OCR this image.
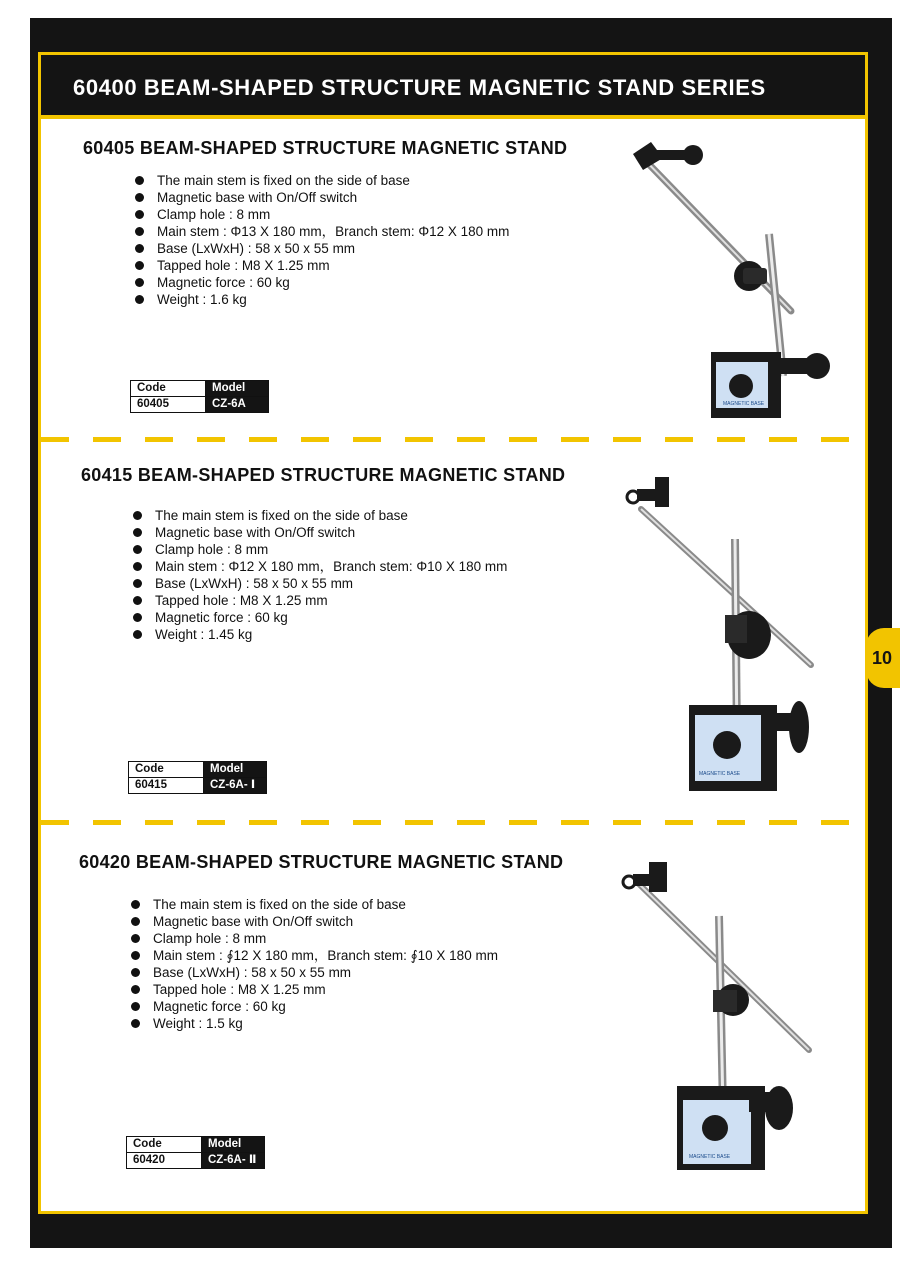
60400 BEAM-SHAPED STRUCTURE MAGNETIC STAND SERIES
10
60405 BEAM-SHAPED STRUCTURE MAGNETIC STAND
The main stem is fixed on the side of base
Magnetic base with On/Off switch
Clamp hole : 8 mm
Main stem : Φ13 X 180 mm，Branch stem: Φ12 X 180 mm
Base (LxWxH) : 58 x 50 x 55 mm
Tapped hole : M8 X 1.25 mm
Magnetic force : 60 kg
Weight : 1.6 kg
Code	Model
60405	CZ-6A	MAGNETIC BASE
60415 BEAM-SHAPED STRUCTURE MAGNETIC STAND
The main stem is fixed on the side of base
Magnetic base with On/Off switch
Clamp hole : 8 mm
Main stem : Φ12 X 180 mm，Branch stem: Φ10 X 180 mm
Base (LxWxH) : 58 x 50 x 55 mm
Tapped hole : M8 X 1.25 mm
Magnetic force : 60 kg
Weight : 1.45 kg
Code	Model
60415	CZ-6A- Ⅰ
MAGNETIC BASE
60420 BEAM-SHAPED STRUCTURE MAGNETIC STAND
The main stem is fixed on the side of base
Magnetic base with On/Off switch
Clamp hole : 8 mm
Main stem : ∮12 X 180 mm，Branch stem: ∮10 X 180 mm
Base (LxWxH) : 58 x 50 x 55 mm
Tapped hole : M8 X 1.25 mm
Magnetic force : 60 kg
Weight : 1.5 kg
Code	Model
60420	CZ-6A- Ⅱ	MAGNETIC BASE
